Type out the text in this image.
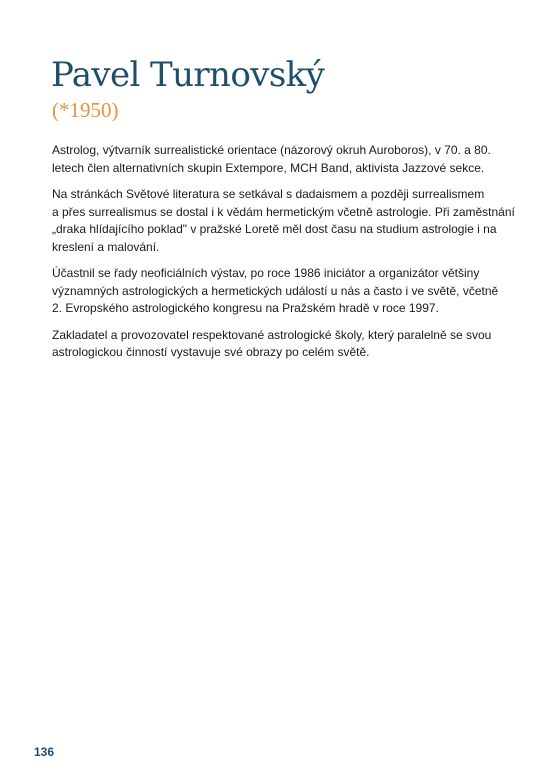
Pavel Turnovský
(*1950)

Astrolog, výtvarník surrealistické orientace (názorový okruh Auroboros), v 70. a 80.
letech člen alternativních skupin Extempore, MCH Band, aktivista Jazzové sekce.

Na stránkách Světové literatura se setkával s dadaismem a později surrealismem
a přes surrealismus se dostal i k vědám hermetickým včetně astrologie. Při zaměstnání
„draka hlídajícího poklad" v pražské Loretě měl dost času na studium astrologie i na
kreslení a malování.

Účastnil se řady neoficiálních výstav, po roce 1986 iniciátor a organizátor většiny
významných astrologických a hermetických událostí u nás a často i ve světě, včetně
2. Evropského astrologického kongresu na Pražském hradě v roce 1997.

Zakladatel a provozovatel respektované astrologické školy, který paralelně se svou
astrologickou činností vystavuje své obrazy po celém světě.

136
